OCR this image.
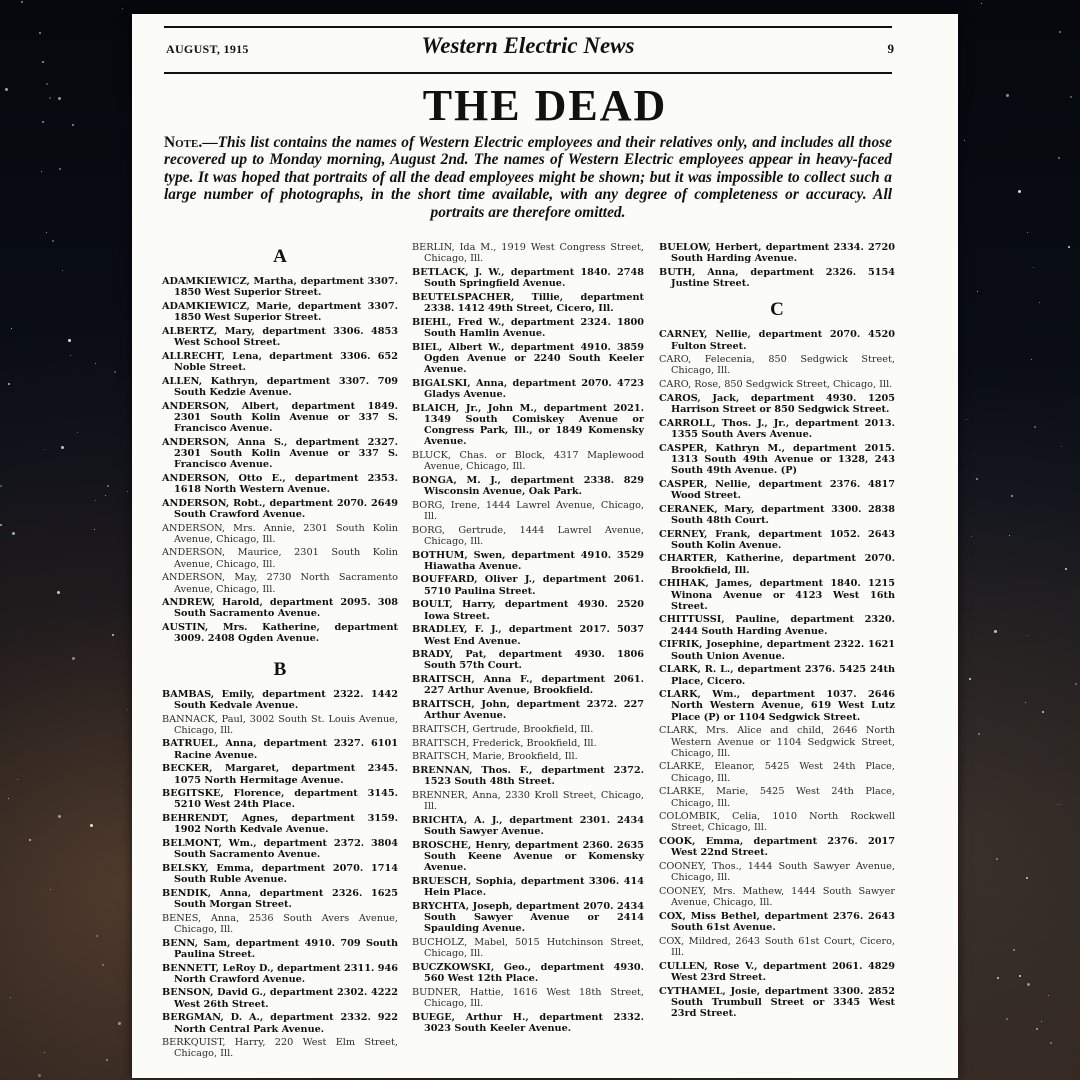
AUGUST, 1915	Western Electric News	9
THE DEAD
Note.—This list contains the names of Western Electric employees and their relatives only, and includes all those recovered up to Monday morning, August 2nd. The names of Western Electric employees appear in heavy-faced type. It was hoped that portraits of all the dead employees might be shown; but it was impossible to collect such a large number of photographs, in the short time available, with any degree of completeness or accuracy. All portraits are therefore omitted.
A
ADAMKIEWICZ, Martha, department 3307. 1850 West Superior Street.
ADAMKIEWICZ, Marie, department 3307. 1850 West Superior Street.
ALBERTZ, Mary, department 3306. 4853 West School Street.
ALLRECHT, Lena, department 3306. 652 Noble Street.
ALLEN, Kathryn, department 3307. 709 South Kedzie Avenue.
ANDERSON, Albert, department 1849. 2301 South Kolin Avenue or 337 S. Francisco Avenue.
ANDERSON, Anna S., department 2327. 2301 South Kolin Avenue or 337 S. Francisco Avenue.
ANDERSON, Otto E., department 2353. 1618 North Western Avenue.
ANDERSON, Robt., department 2070. 2649 South Crawford Avenue.
ANDERSON, Mrs. Annie, 2301 South Kolin Avenue, Chicago, Ill.
ANDERSON, Maurice, 2301 South Kolin Avenue, Chicago, Ill.
ANDERSON, May, 2730 North Sacramento Avenue, Chicago, Ill.
ANDREW, Harold, department 2095. 308 South Sacramento Avenue.
AUSTIN, Mrs. Katherine, department 3009. 2408 Ogden Avenue.
B
BAMBAS, Emily, department 2322. 1442 South Kedvale Avenue.
BANNACK, Paul, 3002 South St. Louis Avenue, Chicago, Ill.
BATRUEL, Anna, department 2327. 6101 Racine Avenue.
BECKER, Margaret, department 2345. 1075 North Hermitage Avenue.
BEGITSKE, Florence, department 3145. 5210 West 24th Place.
BEHRENDT, Agnes, department 3159. 1902 North Kedvale Avenue.
BELMONT, Wm., department 2372. 3804 South Sacramento Avenue.
BELSKY, Emma, department 2070. 1714 South Ruble Avenue.
BENDIK, Anna, department 2326. 1625 South Morgan Street.
BENES, Anna, 2536 South Avers Avenue, Chicago, Ill.
BENN, Sam, department 4910. 709 South Paulina Street.
BENNETT, LeRoy D., department 2311. 946 North Crawford Avenue.
BENSON, David G., department 2302. 4222 West 26th Street.
BERGMAN, D. A., department 2332. 922 North Central Park Avenue.
BERKQUIST, Harry, 220 West Elm Street, Chicago, Ill.
BERLIN, Ida M., 1919 West Congress Street, Chicago, Ill.
BETLACK, J. W., department 1840. 2748 South Springfield Avenue.
BEUTELSPACHER, Tillie, department 2338. 1412 49th Street, Cicero, Ill.
BIEHL, Fred W., department 2324. 1800 South Hamlin Avenue.
BIEL, Albert W., department 4910. 3859 Ogden Avenue or 2240 South Keeler Avenue.
BIGALSKI, Anna, department 2070. 4723 Gladys Avenue.
BLAICH, Jr., John M., department 2021. 1349 South Comiskey Avenue or Congress Park, Ill., or 1849 Komensky Avenue.
BLUCK, Chas. or Block, 4317 Maplewood Avenue, Chicago, Ill.
BONGA, M. J., department 2338. 829 Wisconsin Avenue, Oak Park.
BORG, Irene, 1444 Lawrel Avenue, Chicago, Ill.
BORG, Gertrude, 1444 Lawrel Avenue, Chicago, Ill.
BOTHUM, Swen, department 4910. 3529 Hiawatha Avenue.
BOUFFARD, Oliver J., department 2061. 5710 Paulina Street.
BOULT, Harry, department 4930. 2520 Iowa Street.
BRADLEY, F. J., department 2017. 5037 West End Avenue.
BRADY, Pat, department 4930. 1806 South 57th Court.
BRAITSCH, Anna F., department 2061. 227 Arthur Avenue, Brookfield.
BRAITSCH, John, department 2372. 227 Arthur Avenue.
BRAITSCH, Gertrude, Brookfield, Ill.
BRAITSCH, Frederick, Brookfield, Ill.
BRAITSCH, Marie, Brookfield, Ill.
BRENNAN, Thos. F., department 2372. 1523 South 48th Street.
BRENNER, Anna, 2330 Kroll Street, Chicago, Ill.
BRICHTA, A. J., department 2301. 2434 South Sawyer Avenue.
BROSCHE, Henry, department 2360. 2635 South Keene Avenue or Komensky Avenue.
BRUESCH, Sophia, department 3306. 414 Hein Place.
BRYCHTA, Joseph, department 2070. 2434 South Sawyer Avenue or 2414 Spaulding Avenue.
BUCHOLZ, Mabel, 5015 Hutchinson Street, Chicago, Ill.
BUCZKOWSKI, Geo., department 4930. 560 West 12th Place.
BUDNER, Hattie, 1616 West 18th Street, Chicago, Ill.
BUEGE, Arthur H., department 2332. 3023 South Keeler Avenue.
BUELOW, Herbert, department 2334. 2720 South Harding Avenue.
BUTH, Anna, department 2326. 5154 Justine Street.
C
CARNEY, Nellie, department 2070. 4520 Fulton Street.
CARO, Felecenia, 850 Sedgwick Street, Chicago, Ill.
CARO, Rose, 850 Sedgwick Street, Chicago, Ill.
CAROS, Jack, department 4930. 1205 Harrison Street or 850 Sedgwick Street.
CARROLL, Thos. J., Jr., department 2013. 1355 South Avers Avenue.
CASPER, Kathryn M., department 2015. 1313 South 49th Avenue or 1328, 243 South 49th Avenue. (P)
CASPER, Nellie, department 2376. 4817 Wood Street.
CERANEK, Mary, department 3300. 2838 South 48th Court.
CERNEY, Frank, department 1052. 2643 South Kolin Avenue.
CHARTER, Katherine, department 2070. Brookfield, Ill.
CHIHAK, James, department 1840. 1215 Winona Avenue or 4123 West 16th Street.
CHITTUSSI, Pauline, department 2320. 2444 South Harding Avenue.
CIFRIK, Josephine, department 2322. 1621 South Union Avenue.
CLARK, R. L., department 2376. 5425 24th Place, Cicero.
CLARK, Wm., department 1037. 2646 North Western Avenue, 619 West Lutz Place (P) or 1104 Sedgwick Street.
CLARK, Mrs. Alice and child, 2646 North Western Avenue or 1104 Sedgwick Street, Chicago, Ill.
CLARKE, Eleanor, 5425 West 24th Place, Chicago, Ill.
CLARKE, Marie, 5425 West 24th Place, Chicago, Ill.
COLOMBIK, Celia, 1010 North Rockwell Street, Chicago, Ill.
COOK, Emma, department 2376. 2017 West 22nd Street.
COONEY, Thos., 1444 South Sawyer Avenue, Chicago, Ill.
COONEY, Mrs. Mathew, 1444 South Sawyer Avenue, Chicago, Ill.
COX, Miss Bethel, department 2376. 2643 South 61st Avenue.
COX, Mildred, 2643 South 61st Court, Cicero, Ill.
CULLEN, Rose V., department 2061. 4829 West 23rd Street.
CYTHAMEL, Josie, department 3300. 2852 South Trumbull Street or 3345 West 23rd Street.
